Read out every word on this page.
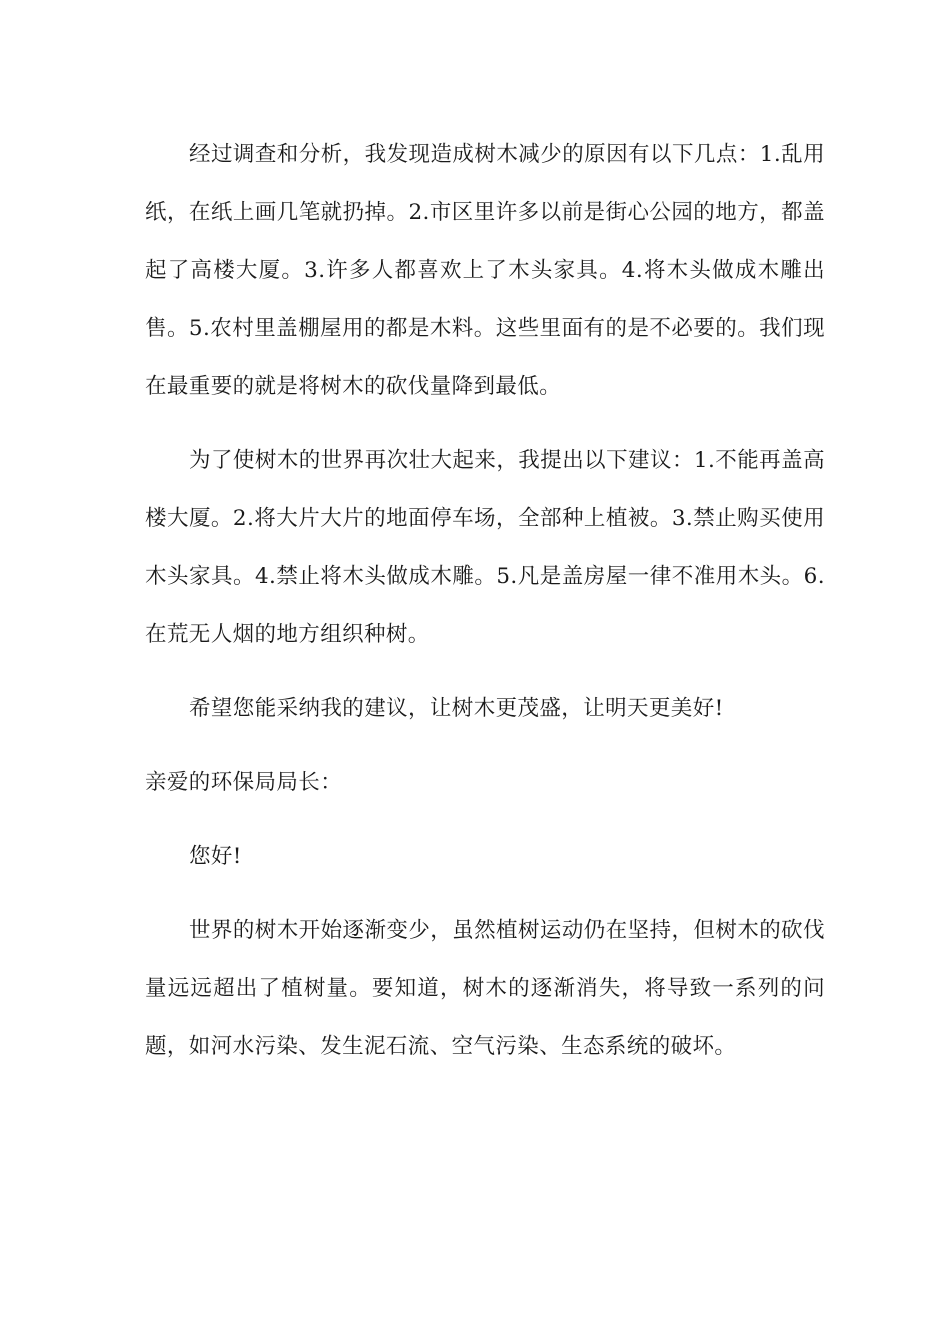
经过调查和分析，我发现造成树木减少的原因有以下几点：1.乱用纸，在纸上画几笔就扔掉。2.市区里许多以前是街心公园的地方，都盖起了高楼大厦。3.许多人都喜欢上了木头家具。4.将木头做成木雕出售。5.农村里盖棚屋用的都是木料。这些里面有的是不必要的。我们现在最重要的就是将树木的砍伐量降到最低。

为了使树木的世界再次壮大起来，我提出以下建议：1.不能再盖高楼大厦。2.将大片大片的地面停车场，全部种上植被。3.禁止购买使用木头家具。4.禁止将木头做成木雕。5.凡是盖房屋一律不准用木头。6.在荒无人烟的地方组织种树。

希望您能采纳我的建议，让树木更茂盛，让明天更美好!

亲爱的环保局局长：

您好!

世界的树木开始逐渐变少，虽然植树运动仍在坚持，但树木的砍伐量远远超出了植树量。要知道，树木的逐渐消失，将导致一系列的问题，如河水污染、发生泥石流、空气污染、生态系统的破坏。
